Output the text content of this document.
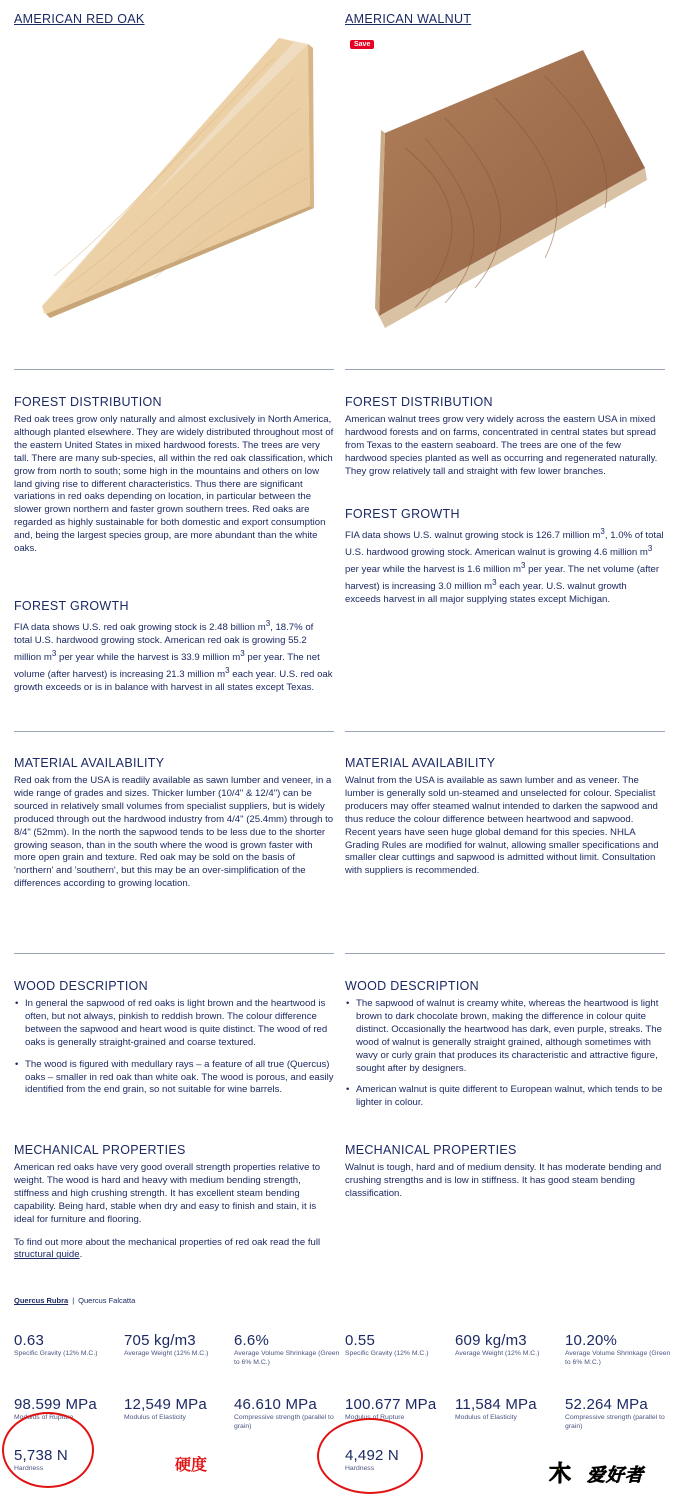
AMERICAN RED OAK
FOREST DISTRIBUTION
Red oak trees grow only naturally and almost exclusively in North America, although planted elsewhere. They are widely distributed throughout most of the eastern United States in mixed hardwood forests. The trees are very tall. There are many sub-species, all within the red oak classification, which grow from north to south; some high in the mountains and others on low land giving rise to different characteristics. Thus there are significant variations in red oaks depending on location, in particular between the slower grown northern and faster grown southern trees. Red oaks are regarded as highly sustainable for both domestic and export consumption and, being the largest species group, are more abundant than the white oaks.
FOREST GROWTH
FIA data shows U.S. red oak growing stock is 2.48 billion $m^3$, 18.7% of total U.S. hardwood growing stock. American red oak is growing 55.2 million $m^3$ per year while the harvest is 33.9 million $m^3$ per year. The net volume (after harvest) is increasing 21.3 million $m^3$ each year. U.S. red oak growth exceeds or is in balance with harvest in all states except Texas.
MATERIAL AVAILABILITY
Red oak from the USA is readily available as sawn lumber and veneer, in a wide range of grades and sizes. Thicker lumber (10/4" & 12/4") can be sourced in relatively small volumes from specialist suppliers, but is widely produced through out the hardwood industry from 4/4" (25.4mm) through to 8/4" (52mm). In the north the sapwood tends to be less due to the shorter growing season, than in the south where the wood is grown faster with more open grain and texture. Red oak may be sold on the basis of 'northern' and 'southern', but this may be an over-simplification of the differences according to growing location.
WOOD DESCRIPTION
• In general the sapwood of red oaks is light brown and the heartwood is often, but not always, pinkish to reddish brown. The colour difference between the sapwood and heart wood is quite distinct. The wood of red oaks is generally straight-grained and coarse textured.
• The wood is figured with medullary rays – a feature of all true (Quercus) oaks – smaller in red oak than white oak. The wood is porous, and easily identified from the end grain, so not suitable for wine barrels.
MECHANICAL PROPERTIES
American red oaks have very good overall strength properties relative to weight. The wood is hard and heavy with medium bending strength, stiffness and high crushing strength. It has excellent steam bending capability. Being hard, stable when dry and easy to finish and stain, it is ideal for furniture and flooring.
To find out more about the mechanical properties of red oak read the full structural guide.
Quercus Rubra | Quercus Falcatta
0.63
Specific Gravity (12% M.C.)
705 kg/m3
Average Weight (12% M.C.)
6.6%
Average Volume Shrinkage (Green to 6% M.C.)
98.599 MPa
Modulus of Rupture
12,549 MPa
Modulus of Elasticity
46.610 MPa
Compressive strength (parallel to grain)
5,738 N
Hardness
AMERICAN WALNUT
Save
FOREST DISTRIBUTION
American walnut trees grow very widely across the eastern USA in mixed hardwood forests and on farms, concentrated in central states but spread from Texas to the eastern seaboard. The trees are one of the few hardwood species planted as well as occurring and regenerated naturally. They grow relatively tall and straight with few lower branches.
FOREST GROWTH
FIA data shows U.S. walnut growing stock is 126.7 million $m^3$, 1.0% of total U.S. hardwood growing stock. American walnut is growing 4.6 million $m^3$ per year while the harvest is 1.6 million $m^3$ per year. The net volume (after harvest) is increasing 3.0 million $m^3$ each year. U.S. walnut growth exceeds harvest in all major supplying states except Michigan.
MATERIAL AVAILABILITY
Walnut from the USA is available as sawn lumber and as veneer. The lumber is generally sold un-steamed and unselected for colour. Specialist producers may offer steamed walnut intended to darken the sapwood and thus reduce the colour difference between heartwood and sapwood. Recent years have seen huge global demand for this species. NHLA Grading Rules are modified for walnut, allowing smaller specifications and smaller clear cuttings and sapwood is admitted without limit. Consultation with suppliers is recommended.
WOOD DESCRIPTION
• The sapwood of walnut is creamy white, whereas the heartwood is light brown to dark chocolate brown, making the difference in colour quite distinct. Occasionally the heartwood has dark, even purple, streaks. The wood of walnut is generally straight grained, although sometimes with wavy or curly grain that produces its characteristic and attractive figure, sought after by designers.
• American walnut is quite different to European walnut, which tends to be lighter in colour.
MECHANICAL PROPERTIES
Walnut is tough, hard and of medium density. It has moderate bending and crushing strengths and is low in stiffness. It has good steam bending classification.
0.55
Specific Gravity (12% M.C.)
609 kg/m3
Average Weight (12% M.C.)
10.20%
Average Volume Shrinkage (Green to 6% M.C.)
100.677 MPa
Modulus of Rupture
11,584 MPa
Modulus of Elasticity
52.264 MPa
Compressive strength (parallel to grain)
4,492 N
Hardness
硬度	木 爱好者
